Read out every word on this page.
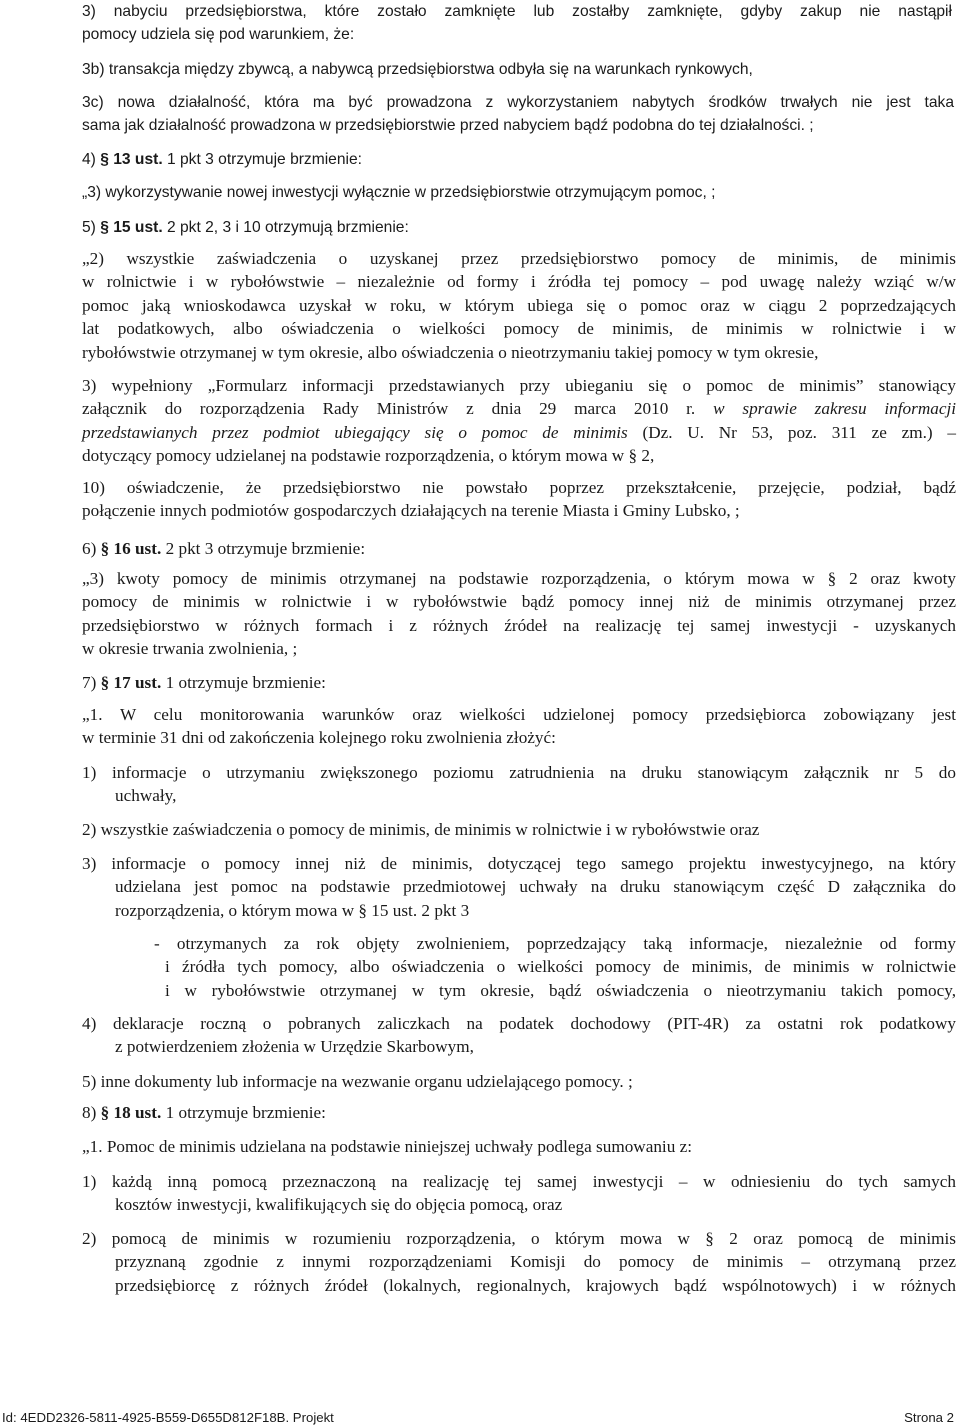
3) nabyciu przedsiębiorstwa, które zostało zamknięte lub zostałby zamknięte, gdyby zakup nie nastąpił
pomocy udziela się pod warunkiem, że:
3b) transakcja między zbywcą, a nabywcą przedsiębiorstwa odbyła się na warunkach rynkowych,
3c) nowa działalność, która ma być prowadzona z wykorzystaniem nabytych środków trwałych nie jest taka
sama jak działalność prowadzona w przedsiębiorstwie przed nabyciem bądź podobna do tej działalności. ;
4) § 13 ust. 1 pkt 3 otrzymuje brzmienie:
„3) wykorzystywanie nowej inwestycji wyłącznie w przedsiębiorstwie otrzymującym pomoc, ;
5) § 15 ust. 2 pkt 2, 3 i 10 otrzymują brzmienie:
„2) wszystkie zaświadczenia o uzyskanej przez przedsiębiorstwo pomocy de minimis, de minimis
w rolnictwie i w rybołówstwie – niezależnie od formy i źródła tej pomocy – pod uwagę należy wziąć w/w
pomoc jaką wnioskodawca uzyskał w roku, w którym ubiega się o pomoc oraz w ciągu 2 poprzedzających
lat podatkowych, albo oświadczenia o wielkości pomocy de minimis, de minimis w rolnictwie i w
rybołówstwie otrzymanej w tym okresie, albo oświadczenia o nieotrzymaniu takiej pomocy w tym okresie,
3) wypełniony „Formularz informacji przedstawianych przy ubieganiu się o pomoc de minimis” stanowiący
załącznik do rozporządzenia Rady Ministrów z dnia 29 marca 2010 r. w sprawie zakresu informacji
przedstawianych przez podmiot ubiegający się o pomoc de minimis (Dz. U. Nr 53, poz. 311 ze zm.) –
dotyczący pomocy udzielanej na podstawie rozporządzenia, o którym mowa w § 2,
10) oświadczenie, że przedsiębiorstwo nie powstało poprzez przekształcenie, przejęcie, podział, bądź
połączenie innych podmiotów gospodarczych działających na terenie Miasta i Gminy Lubsko, ;
6) § 16 ust. 2 pkt 3 otrzymuje brzmienie:
„3) kwoty pomocy de minimis otrzymanej na podstawie rozporządzenia, o którym mowa w § 2 oraz kwoty
pomocy de minimis w rolnictwie i w rybołówstwie bądź pomocy innej niż de minimis otrzymanej przez
przedsiębiorstwo w różnych formach i z różnych źródeł na realizację tej samej inwestycji - uzyskanych
w okresie trwania zwolnienia, ;
7) § 17 ust. 1 otrzymuje brzmienie:
„1. W celu monitorowania warunków oraz wielkości udzielonej pomocy przedsiębiorca zobowiązany jest
w terminie 31 dni od zakończenia kolejnego roku zwolnienia złożyć:
1) informacje o utrzymaniu zwiększonego poziomu zatrudnienia na druku stanowiącym załącznik nr 5 do
uchwały,
2) wszystkie zaświadczenia o pomocy de minimis, de minimis w rolnictwie i w rybołówstwie oraz
3) informacje o pomocy innej niż de minimis, dotyczącej tego samego projektu inwestycyjnego, na który
udzielana jest pomoc na podstawie przedmiotowej uchwały na druku stanowiącym część D załącznika do
rozporządzenia, o którym mowa w § 15 ust. 2 pkt 3
- otrzymanych za rok objęty zwolnieniem, poprzedzający taką informacje, niezależnie od formy
i źródła tych pomocy, albo oświadczenia o wielkości pomocy de minimis, de minimis w rolnictwie
i w rybołówstwie otrzymanej w tym okresie, bądź oświadczenia o nieotrzymaniu takich pomocy,
4) deklaracje roczną o pobranych zaliczkach na podatek dochodowy (PIT-4R) za ostatni rok podatkowy
z potwierdzeniem złożenia w Urzędzie Skarbowym,
5) inne dokumenty lub informacje na wezwanie organu udzielającego pomocy. ;
8) § 18 ust. 1 otrzymuje brzmienie:
„1. Pomoc de minimis udzielana na podstawie niniejszej uchwały podlega sumowaniu z:
1) każdą inną pomocą przeznaczoną na realizację tej samej inwestycji – w odniesieniu do tych samych
kosztów inwestycji, kwalifikujących się do objęcia pomocą, oraz
2) pomocą de minimis w rozumieniu rozporządzenia, o którym mowa w § 2 oraz pomocą de minimis
przyznaną zgodnie z innymi rozporządzeniami Komisji do pomocy de minimis – otrzymaną przez
przedsiębiorcę z różnych źródeł (lokalnych, regionalnych, krajowych bądź wspólnotowych) i w różnych
Id: 4EDD2326-5811-4925-B559-D655D812F18B. Projekt	Strona 2
